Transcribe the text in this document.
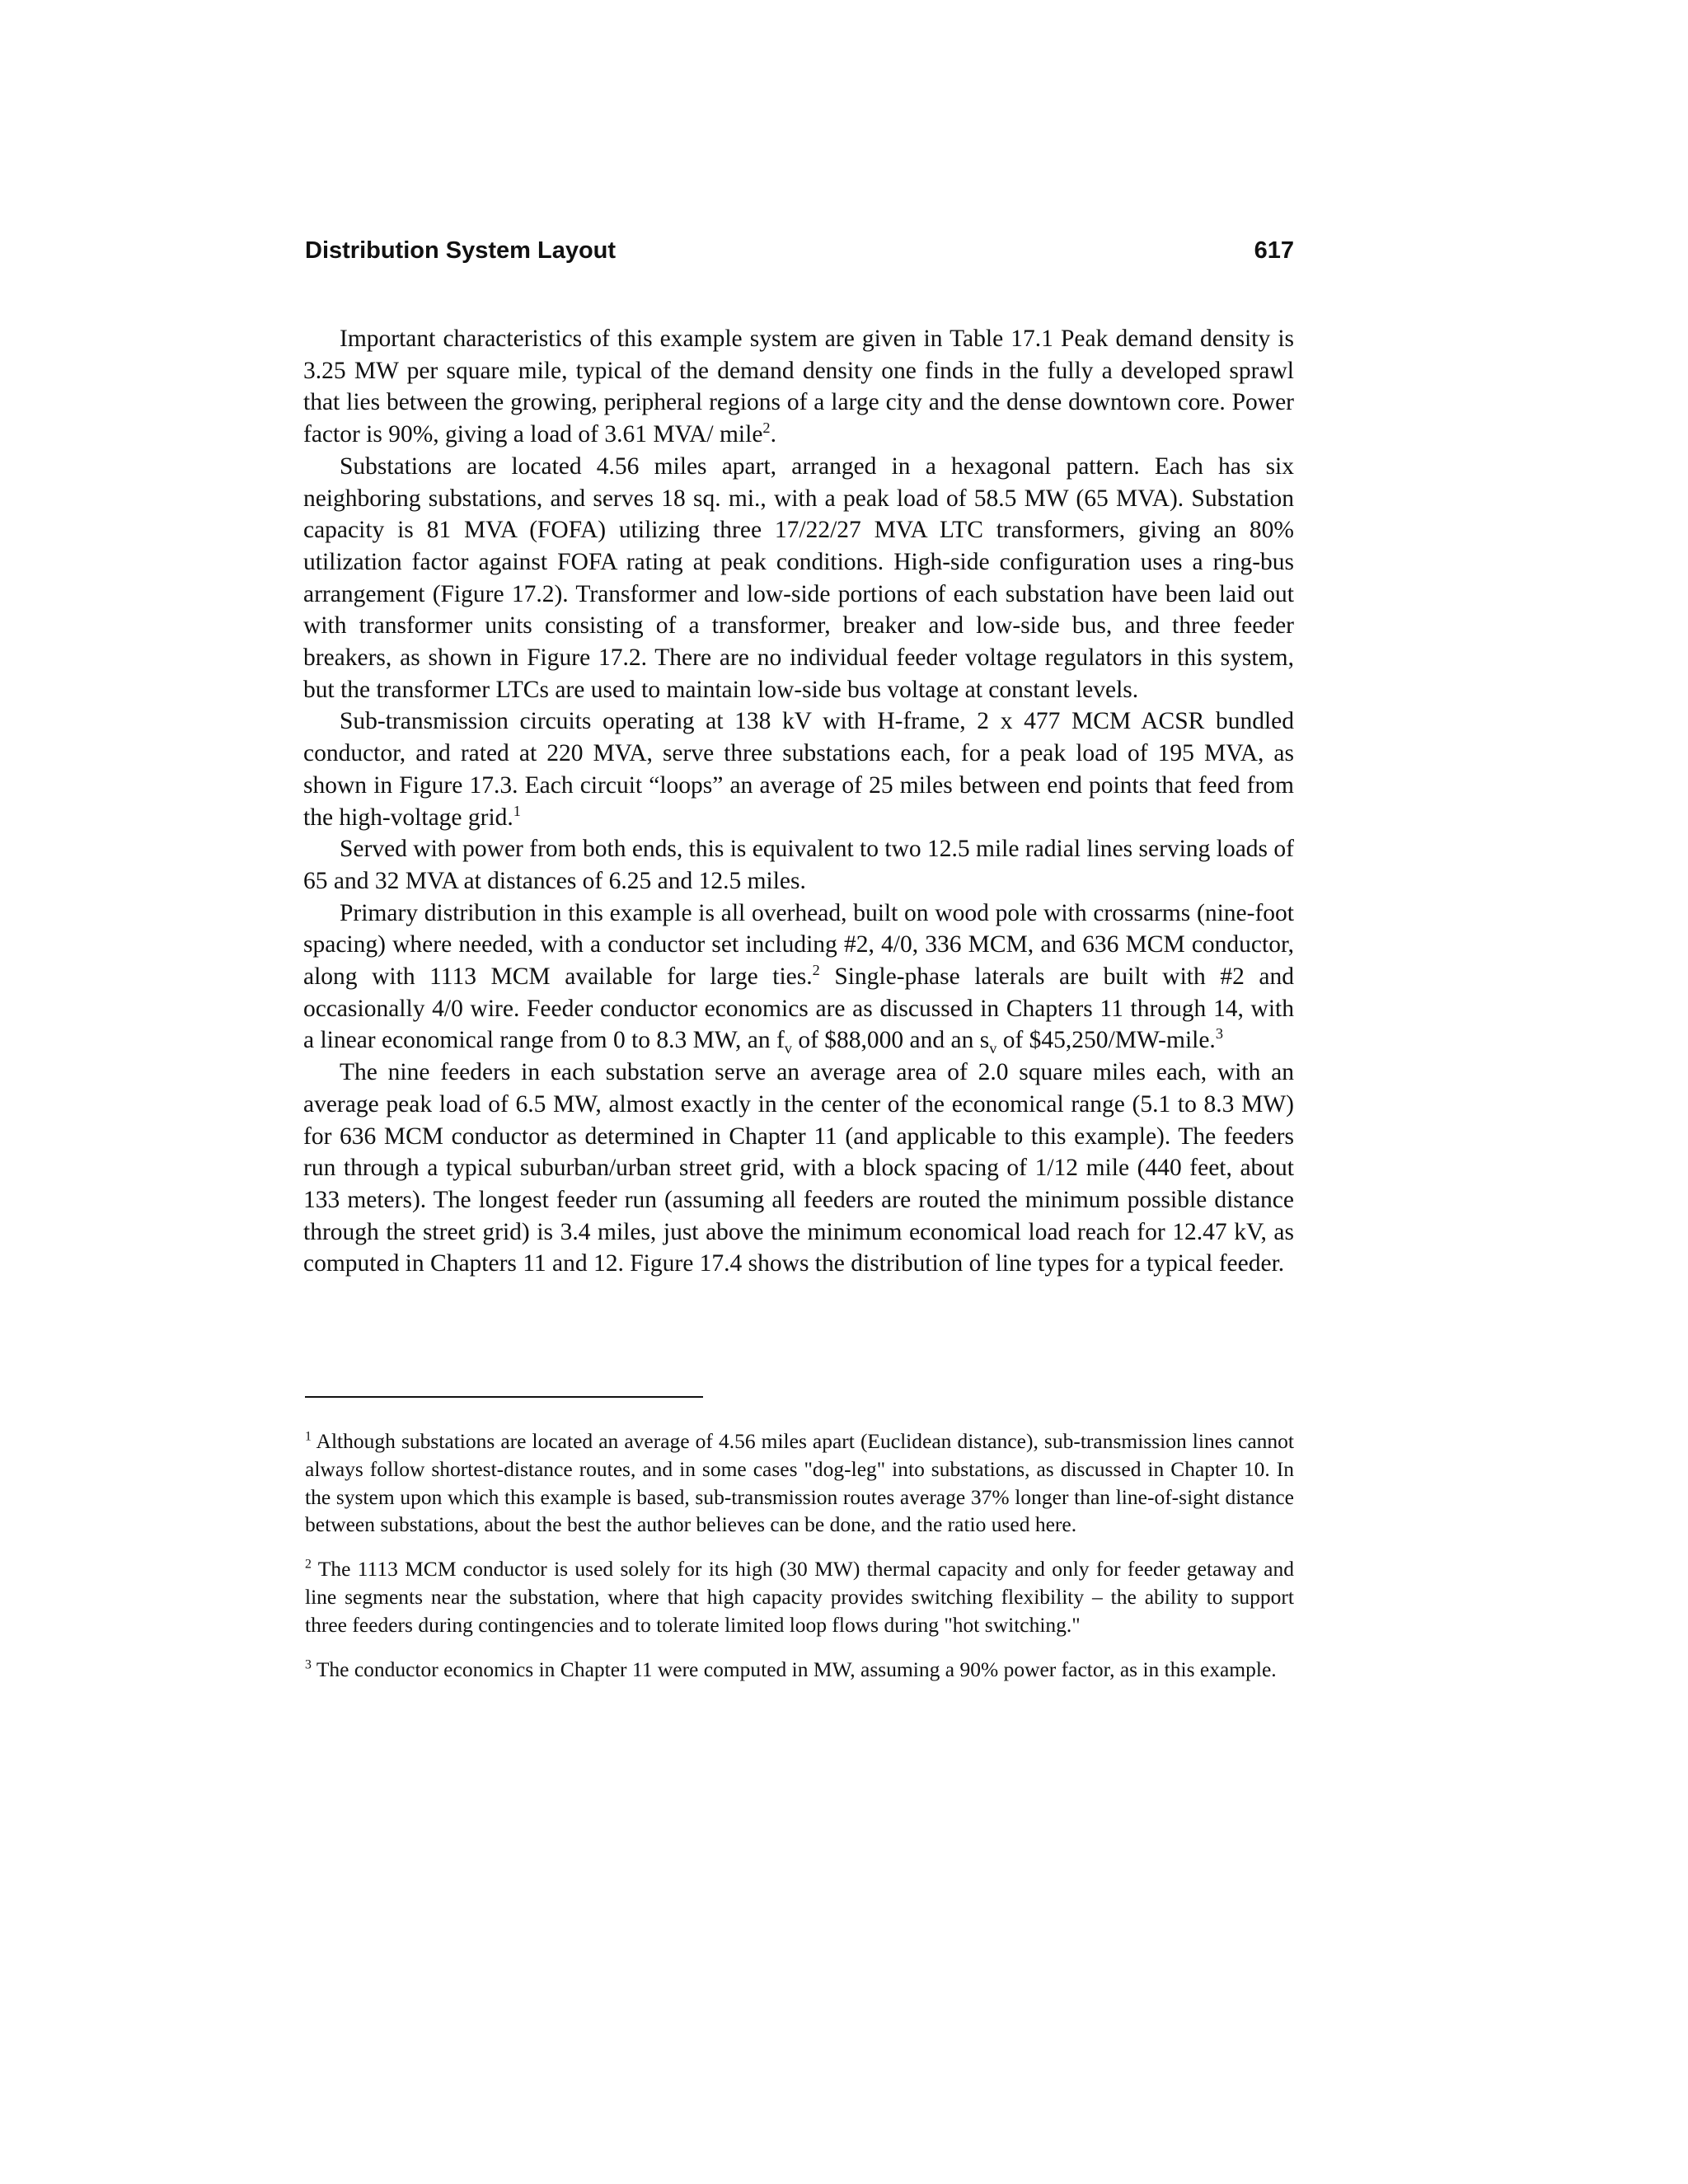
Distribution System Layout	617

Important characteristics of this example system are given in Table 17.1 Peak demand density is 3.25 MW per square mile, typical of the demand density one finds in the fully a developed sprawl that lies between the growing, peripheral regions of a large city and the dense downtown core. Power factor is 90%, giving a load of 3.61 MVA/ mile$^2$.

Substations are located 4.56 miles apart, arranged in a hexagonal pattern. Each has six neighboring substations, and serves 18 sq. mi., with a peak load of 58.5 MW (65 MVA). Substation capacity is 81 MVA (FOFA) utilizing three 17/22/27 MVA LTC transformers, giving an 80% utilization factor against FOFA rating at peak conditions. High-side configuration uses a ring-bus arrangement (Figure 17.2). Transformer and low-side portions of each substation have been laid out with transformer units consisting of a transformer, breaker and low-side bus, and three feeder breakers, as shown in Figure 17.2. There are no individual feeder voltage regulators in this system, but the transformer LTCs are used to maintain low-side bus voltage at constant levels.

Sub-transmission circuits operating at 138 kV with H-frame, 2 x 477 MCM ACSR bundled conductor, and rated at 220 MVA, serve three substations each, for a peak load of 195 MVA, as shown in Figure 17.3. Each circuit “loops” an average of 25 miles between end points that feed from the high-voltage grid.$^1$

Served with power from both ends, this is equivalent to two 12.5 mile radial lines serving loads of 65 and 32 MVA at distances of 6.25 and 12.5 miles.

Primary distribution in this example is all overhead, built on wood pole with crossarms (nine-foot spacing) where needed, with a conductor set including #2, 4/0, 336 MCM, and 636 MCM conductor, along with 1113 MCM available for large ties.$^2$ Single-phase laterals are built with #2 and occasionally 4/0 wire. Feeder conductor economics are as discussed in Chapters 11 through 14, with a linear economical range from 0 to 8.3 MW, an $f_v$ of $88,000 and an $s_v$ of $45,250/MW-mile.$^3$

The nine feeders in each substation serve an average area of 2.0 square miles each, with an average peak load of 6.5 MW, almost exactly in the center of the economical range (5.1 to 8.3 MW) for 636 MCM conductor as determined in Chapter 11 (and applicable to this example). The feeders run through a typical suburban/urban street grid, with a block spacing of 1/12 mile (440 feet, about 133 meters). The longest feeder run (assuming all feeders are routed the minimum possible distance through the street grid) is 3.4 miles, just above the minimum economical load reach for 12.47 kV, as computed in Chapters 11 and 12. Figure 17.4 shows the distribution of line types for a typical feeder.

$^1$ Although substations are located an average of 4.56 miles apart (Euclidean distance), sub-transmission lines cannot always follow shortest-distance routes, and in some cases "dog-leg" into substations, as discussed in Chapter 10. In the system upon which this example is based, sub-transmission routes average 37% longer than line-of-sight distance between substations, about the best the author believes can be done, and the ratio used here.

$^2$ The 1113 MCM conductor is used solely for its high (30 MW) thermal capacity and only for feeder getaway and line segments near the substation, where that high capacity provides switching flexibility – the ability to support three feeders during contingencies and to tolerate limited loop flows during "hot switching."

$^3$ The conductor economics in Chapter 11 were computed in MW, assuming a 90% power factor, as in this example.
